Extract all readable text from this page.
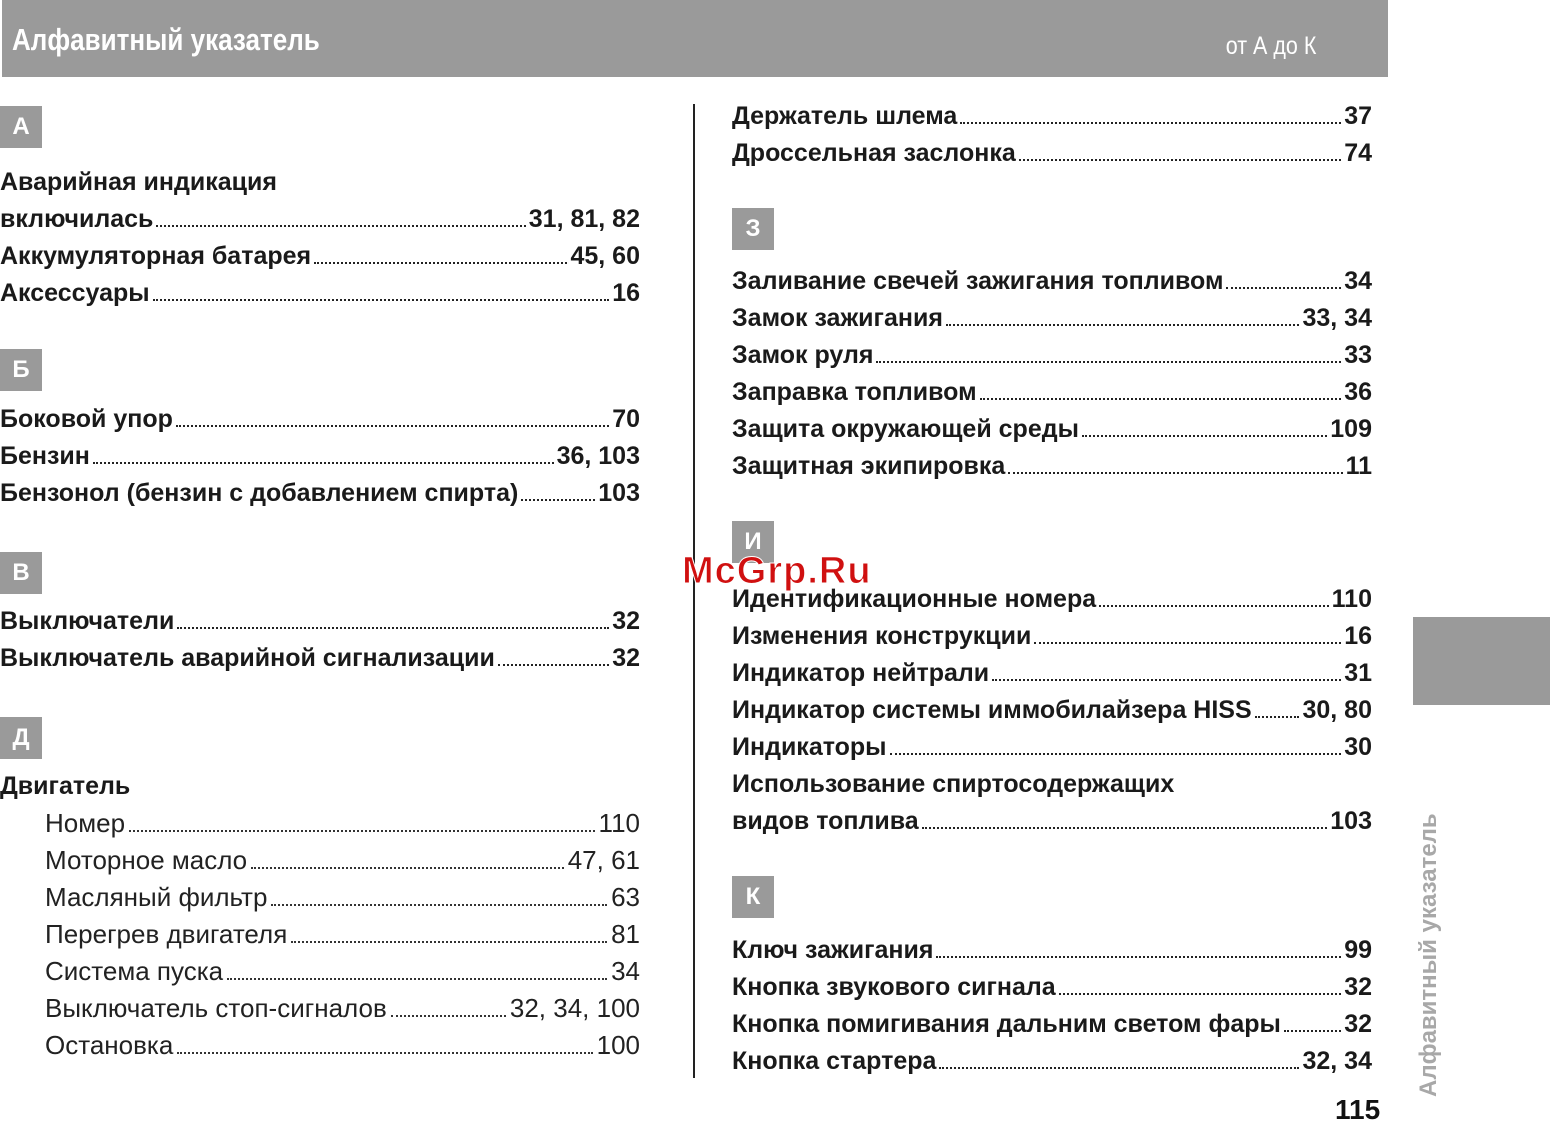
Алфавитный указатель	от А до К
Алфавитный указатель
115
А
Аварийная индикация
включилась	31, 81, 82
Аккумуляторная батарея	45, 60
Аксессуары	16
Б
Боковой упор	70
Бензин	36, 103
Бензонол (бензин с добавлением спирта)	103
В
Выключатели	32
Выключатель аварийной сигнализации	32
Д
Двигатель
Номер	110
Моторное масло	47, 61
Масляный фильтр	63
Перегрев двигателя	81
Система пуска	34
Выключатель стоп-сигналов	32, 34, 100
Остановка	100
Держатель шлема	37
Дроссельная заслонка	74
З
Заливание свечей зажигания топливом	34
Замок зажигания	33, 34
Замок руля	33
Заправка топливом	36
Защита окружающей среды	109
Защитная экипировка	11
И
Идентификационные номера	110
Изменения конструкции	16
Индикатор нейтрали	31
Индикатор системы иммобилайзера HISS 30, 80
Индикаторы	30
Использование спиртосодержащих
видов топлива	103
К
Ключ зажигания	99
Кнопка звукового сигнала	32
Кнопка помигивания дальним светом фары	32
Кнопка стартера	32, 34
McGrp.Ru
